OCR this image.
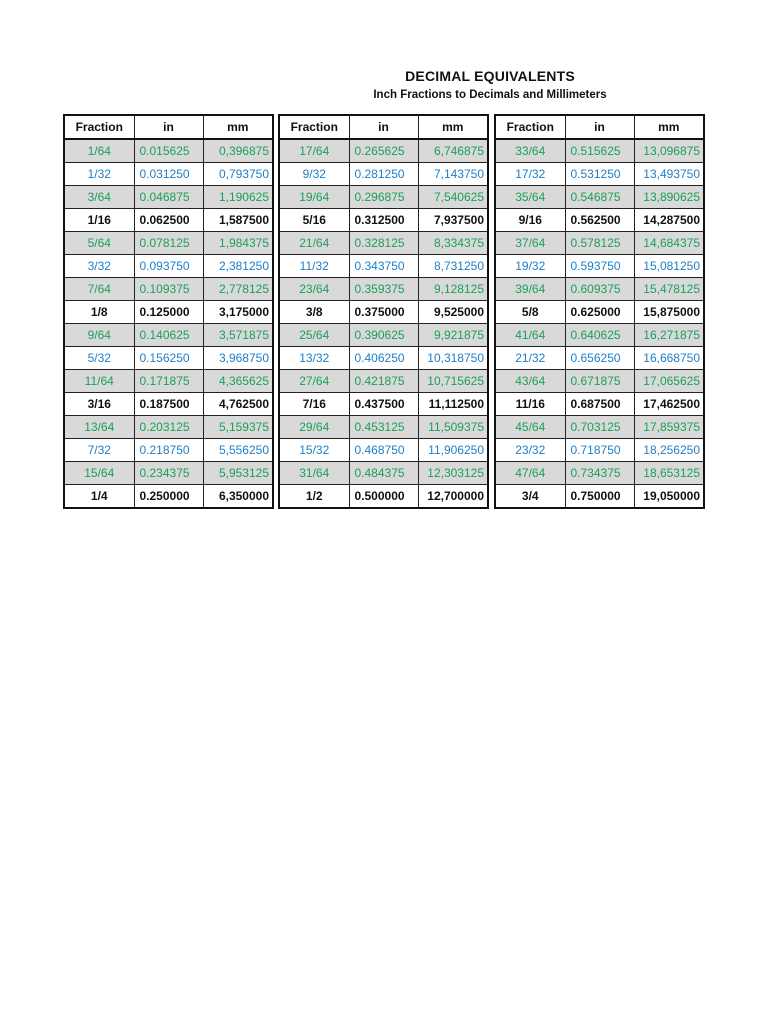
DECIMAL EQUIVALENTS
Inch Fractions to Decimals and Millimeters
Fraction	in	mm
1/64	0.015625	0,396875
1/32	0.031250	0,793750
3/64	0.046875	1,190625
1/16	0.062500	1,587500
5/64	0.078125	1,984375
3/32	0.093750	2,381250
7/64	0.109375	2,778125
1/8	0.125000	3,175000
9/64	0.140625	3,571875
5/32	0.156250	3,968750
11/64	0.171875	4,365625
3/16	0.187500	4,762500
13/64	0.203125	5,159375
7/32	0.218750	5,556250
15/64	0.234375	5,953125
1/4	0.250000	6,350000
Fraction	in	mm
17/64	0.265625	6,746875
9/32	0.281250	7,143750
19/64	0.296875	7,540625
5/16	0.312500	7,937500
21/64	0.328125	8,334375
11/32	0.343750	8,731250
23/64	0.359375	9,128125
3/8	0.375000	9,525000
25/64	0.390625	9,921875
13/32	0.406250	10,318750
27/64	0.421875	10,715625
7/16	0.437500	11,112500
29/64	0.453125	11,509375
15/32	0.468750	11,906250
31/64	0.484375	12,303125
1/2	0.500000	12,700000
Fraction	in	mm
33/64	0.515625	13,096875
17/32	0.531250	13,493750
35/64	0.546875	13,890625
9/16	0.562500	14,287500
37/64	0.578125	14,684375
19/32	0.593750	15,081250
39/64	0.609375	15,478125
5/8	0.625000	15,875000
41/64	0.640625	16,271875
21/32	0.656250	16,668750
43/64	0.671875	17,065625
11/16	0.687500	17,462500
45/64	0.703125	17,859375
23/32	0.718750	18,256250
47/64	0.734375	18,653125
3/4	0.750000	19,050000
